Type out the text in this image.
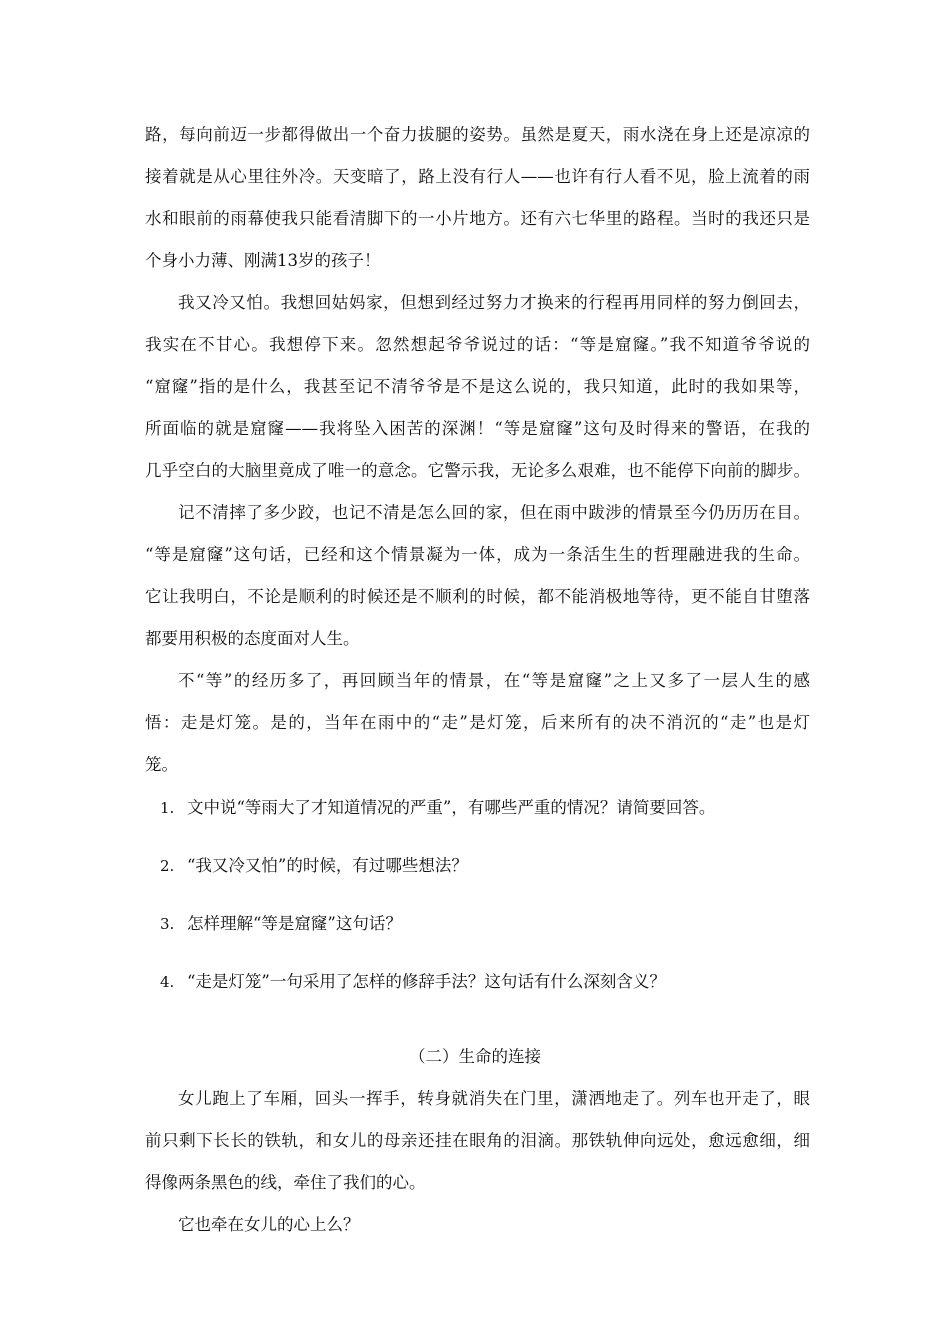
路，每向前迈一步都得做出一个奋力拔腿的姿势。虽然是夏天，雨水浇在身上还是凉凉的
接着就是从心里往外冷。天变暗了，路上没有行人——也许有行人看不见，脸上流着的雨
水和眼前的雨幕使我只能看清脚下的一小片地方。还有六七华里的路程。当时的我还只是
个身小力薄、刚满13岁的孩子！
我又冷又怕。我想回姑妈家，但想到经过努力才换来的行程再用同样的努力倒回去，
我实在不甘心。我想停下来。忽然想起爷爷说过的话：“等是窟窿。”我不知道爷爷说的
“窟窿”指的是什么，我甚至记不清爷爷是不是这么说的，我只知道，此时的我如果等，
所面临的就是窟窿——我将坠入困苦的深渊！“等是窟窿”这句及时得来的警语，在我的
几乎空白的大脑里竟成了唯一的意念。它警示我，无论多么艰难，也不能停下向前的脚步。
记不清摔了多少跤，也记不清是怎么回的家，但在雨中跋涉的情景至今仍历历在目。
“等是窟窿”这句话，已经和这个情景凝为一体，成为一条活生生的哲理融进我的生命。
它让我明白，不论是顺利的时候还是不顺利的时候，都不能消极地等待，更不能自甘堕落
都要用积极的态度面对人生。
不“等”的经历多了，再回顾当年的情景，在“等是窟窿”之上又多了一层人生的感
悟：走是灯笼。是的，当年在雨中的“走”是灯笼，后来所有的决不消沉的“走”也是灯
笼。
1. 文中说“等雨大了才知道情况的严重”，有哪些严重的情况？请简要回答。
2. “我又冷又怕”的时候，有过哪些想法？
3. 怎样理解“等是窟窿”这句话？
4. “走是灯笼”一句采用了怎样的修辞手法？这句话有什么深刻含义？
（二）生命的连接
女儿跑上了车厢，回头一挥手，转身就消失在门里，潇洒地走了。列车也开走了，眼
前只剩下长长的铁轨，和女儿的母亲还挂在眼角的泪滴。那铁轨伸向远处，愈远愈细，细
得像两条黑色的线，牵住了我们的心。
它也牵在女儿的心上么？
